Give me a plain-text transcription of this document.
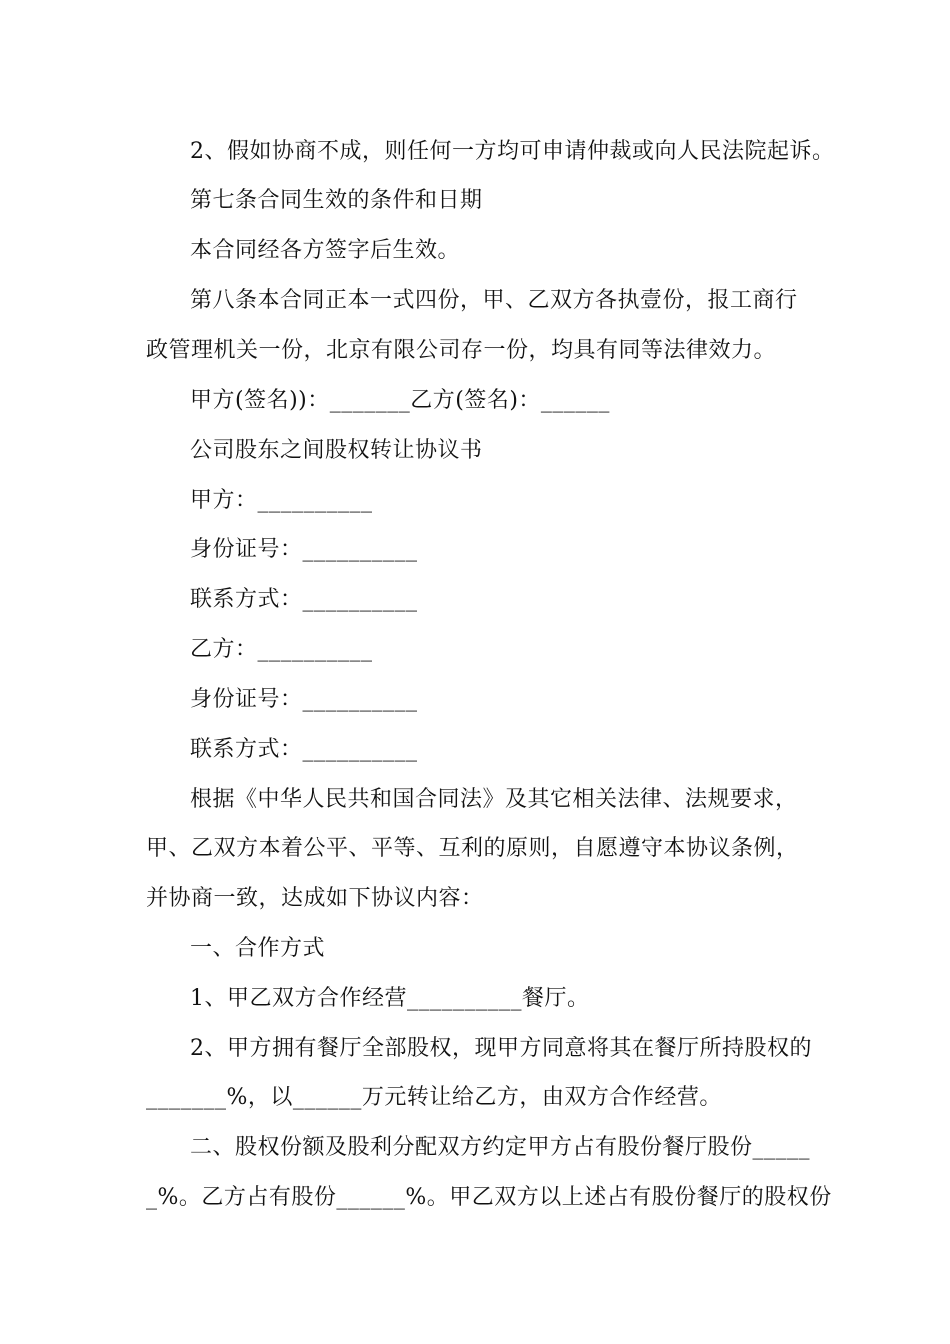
2、假如协商不成，则任何一方均可申请仲裁或向人民法院起诉。
第七条合同生效的条件和日期
本合同经各方签字后生效。
第八条本合同正本一式四份，甲、乙双方各执壹份，报工商行
政管理机关一份，北京有限公司存一份，均具有同等法律效力。
甲方(签名))：_______乙方(签名)：______
公司股东之间股权转让协议书
甲方：__________
身份证号：__________
联系方式：__________
乙方：__________
身份证号：__________
联系方式：__________
根据《中华人民共和国合同法》及其它相关法律、法规要求，
甲、乙双方本着公平、平等、互利的原则，自愿遵守本协议条例，
并协商一致，达成如下协议内容：
一、合作方式
1、甲乙双方合作经营__________餐厅。
2、甲方拥有餐厅全部股权，现甲方同意将其在餐厅所持股权的
_______%，以______万元转让给乙方，由双方合作经营。
二、股权份额及股利分配双方约定甲方占有股份餐厅股份_____
_%。乙方占有股份______%。甲乙双方以上述占有股份餐厅的股权份
